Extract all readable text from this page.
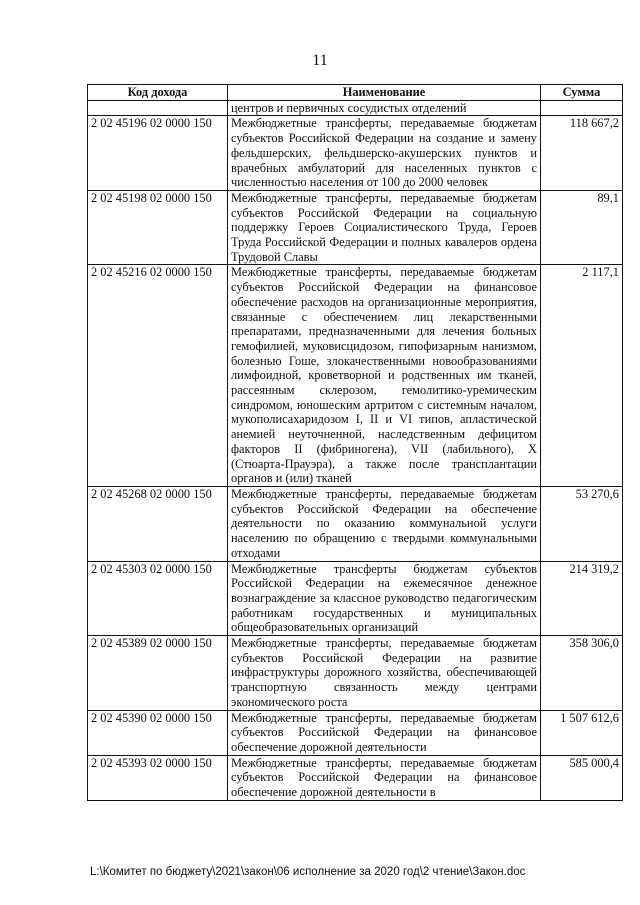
11
Код дохода	Наименование	Сумма
	центров и первичных сосудистых отделений	
2 02 45196 02 0000 150	Межбюджетные трансферты, передаваемые бюджетам субъектов Российской Федерации на создание и замену фельдшерских, фельдшерско-акушерских пунктов и врачебных амбулаторий для населенных пунктов с численностью населения от 100 до 2000 человек	118 667,2
2 02 45198 02 0000 150	Межбюджетные трансферты, передаваемые бюджетам субъектов Российской Федерации на социальную поддержку Героев Социалистического Труда, Героев Труда Российской Федерации и полных кавалеров ордена Трудовой Славы	89,1
2 02 45216 02 0000 150	Межбюджетные трансферты, передаваемые бюджетам субъектов Российской Федерации на финансовое обеспечение расходов на организационные мероприятия, связанные с обеспечением лиц лекарственными препаратами, предназначенными для лечения больных гемофилией, муковисцидозом, гипофизарным нанизмом, болезнью Гоше, злокачественными новообразованиями лимфоидной, кроветворной и родственных им тканей, рассеянным склерозом, гемолитико-уремическим синдромом, юношеским артритом с системным началом, мукополисахаридозом I, II и VI типов, апластической анемией неуточненной, наследственным дефицитом факторов II (фибриногена), VII (лабильного), X (Стюарта-Прауэра), а также после трансплантации органов и (или) тканей	2 117,1
2 02 45268 02 0000 150	Межбюджетные трансферты, передаваемые бюджетам субъектов Российской Федерации на обеспечение деятельности по оказанию коммунальной услуги населению по обращению с твердыми коммунальными отходами	53 270,6
2 02 45303 02 0000 150	Межбюджетные трансферты бюджетам субъектов Российской Федерации на ежемесячное денежное вознаграждение за классное руководство педагогическим работникам государственных и муниципальных общеобразовательных организаций	214 319,2
2 02 45389 02 0000 150	Межбюджетные трансферты, передаваемые бюджетам субъектов Российской Федерации на развитие инфраструктуры дорожного хозяйства, обеспечивающей транспортную связанность между центрами экономического роста	358 306,0
2 02 45390 02 0000 150	Межбюджетные трансферты, передаваемые бюджетам субъектов Российской Федерации на финансовое обеспечение дорожной деятельности	1 507 612,6
2 02 45393 02 0000 150	Межбюджетные трансферты, передаваемые бюджетам субъектов Российской Федерации на финансовое обеспечение дорожной деятельности в	585 000,4
L:\Комитет по бюджету\2021\закон\06 исполнение за 2020 год\2 чтение\Закон.doc
